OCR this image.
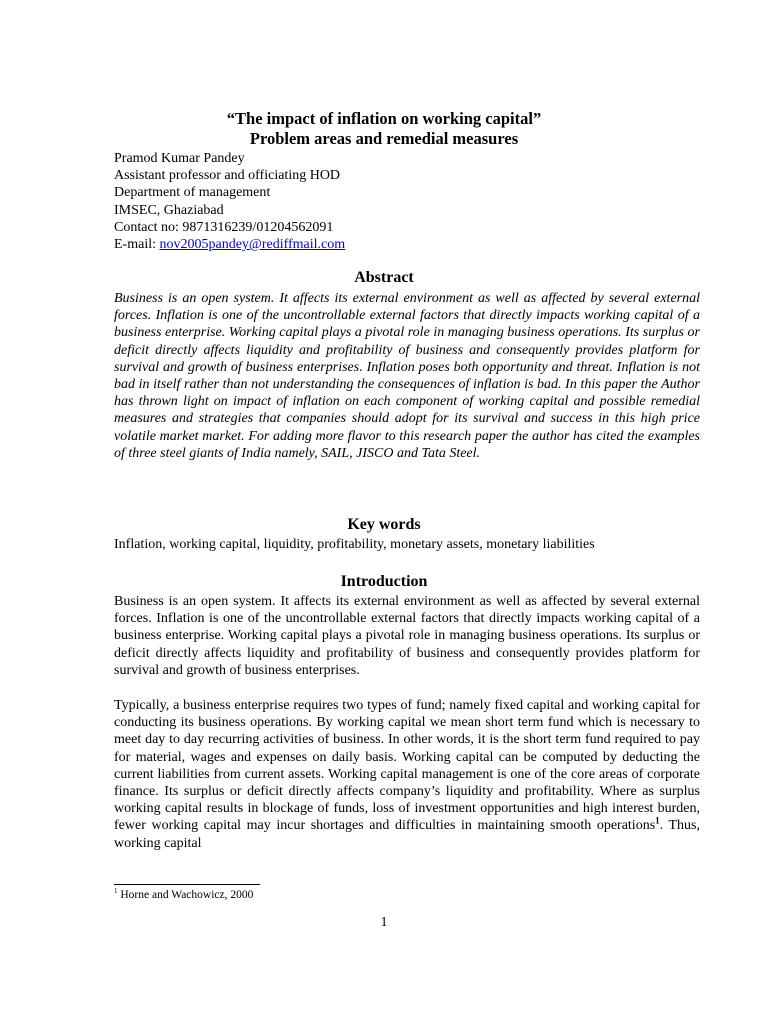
“The impact of inflation on working capital”
Problem areas and remedial measures
Pramod Kumar Pandey
Assistant professor and officiating HOD
Department of management
IMSEC, Ghaziabad
Contact no: 9871316239/01204562091
E-mail: nov2005pandey@rediffmail.com
Abstract
Business is an open system. It affects its external environment as well as affected by several external forces. Inflation is one of the uncontrollable external factors that directly impacts working capital of a business enterprise. Working capital plays a pivotal role in managing business operations. Its surplus or deficit directly affects liquidity and profitability of business and consequently provides platform for survival and growth of business enterprises. Inflation poses both opportunity and threat. Inflation is not bad in itself rather than not understanding the consequences of inflation is bad. In this paper the Author has thrown light on impact of inflation on each component of working capital and possible remedial measures and strategies that companies should adopt for its survival and success in this high price volatile market market. For adding more flavor to this research paper the author has cited the examples of three steel giants of India namely, SAIL, JISCO and Tata Steel.
Key words
Inflation, working capital, liquidity, profitability, monetary assets, monetary liabilities
Introduction
Business is an open system. It affects its external environment as well as affected by several external forces. Inflation is one of the uncontrollable external factors that directly impacts working capital of a business enterprise. Working capital plays a pivotal role in managing business operations. Its surplus or deficit directly affects liquidity and profitability of business and consequently provides platform for survival and growth of business enterprises.
Typically, a business enterprise requires two types of fund; namely fixed capital and working capital for conducting its business operations. By working capital we mean short term fund which is necessary to meet day to day recurring activities of business. In other words, it is the short term fund required to pay for material, wages and expenses on daily basis. Working capital can be computed by deducting the current liabilities from current assets. Working capital management is one of the core areas of corporate finance. Its surplus or deficit directly affects company’s liquidity and profitability. Where as surplus working capital results in blockage of funds, loss of investment opportunities and high interest burden, fewer working capital may incur shortages and difficulties in maintaining smooth operations$^1$. Thus, working capital
$^1$ Horne and Wachowicz, 2000
1
